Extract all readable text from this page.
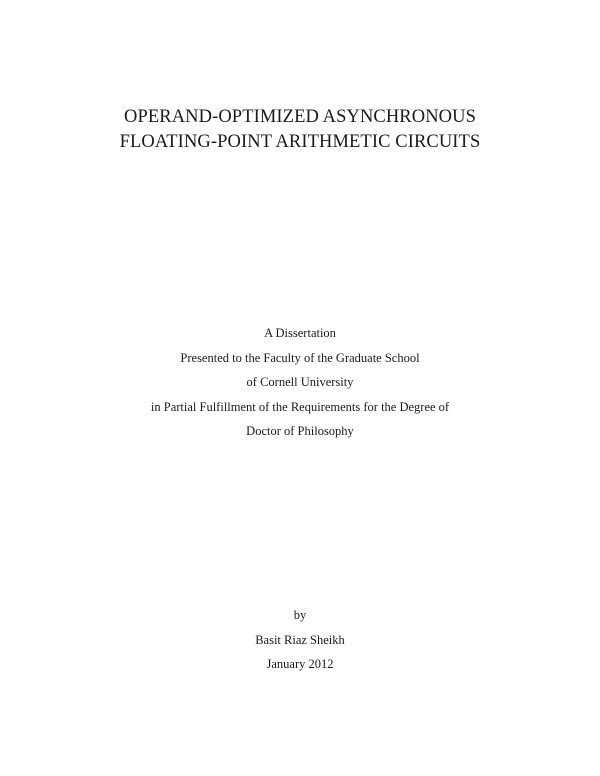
OPERAND-OPTIMIZED ASYNCHRONOUS
FLOATING-POINT ARITHMETIC CIRCUITS
A Dissertation
Presented to the Faculty of the Graduate School
of Cornell University
in Partial Fulfillment of the Requirements for the Degree of
Doctor of Philosophy
by
Basit Riaz Sheikh
January 2012
